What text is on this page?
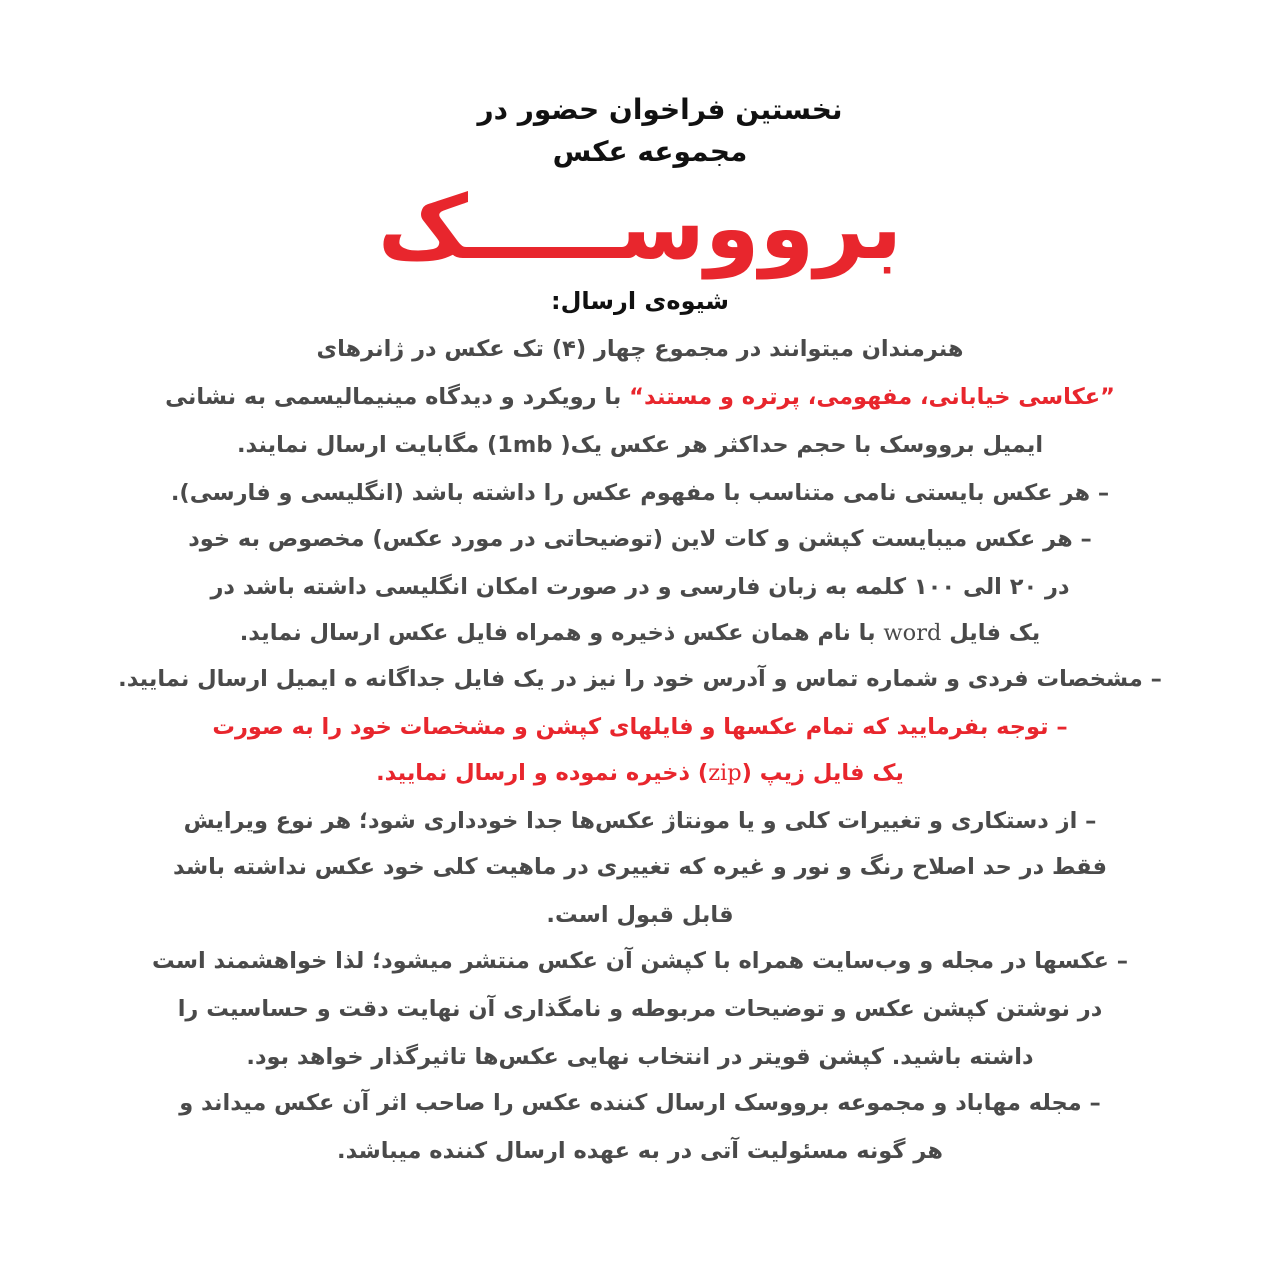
نخستین فراخوان حضور در

مجموعه عکس

برووســـــک

شیوه‌ی ارسال:

هنرمندان میتوانند در مجموع چهار (۴) تک عکس در ژانرهای

”عکاسی خیابانی، مفهومی، پرتره و مستند“ با رویکرد و دیدگاه مینیمالیسمی به نشانی

ایمیل برووسک با حجم حداکثر هر عکس یک( 1mb) مگابایت ارسال نمایند.

– هر عکس بایستی نامی متناسب با مفهوم عکس را داشته باشد (انگلیسی و فارسی).

– هر عکس میبایست کپشن و کات لاین (توضیحاتی در مورد عکس) مخصوص به خود

در ۲۰ الی ۱۰۰ کلمه به زبان فارسی و در صورت امکان انگلیسی داشته باشد در

یک فایل word با نام همان عکس ذخیره و همراه فایل عکس ارسال نماید.

– مشخصات فردی و شماره تماس و آدرس خود را نیز در یک فایل جداگانه ه ایمیل ارسال نمایید.

– توجه بفرمایید که تمام عکسها و فایلهای کپشن و مشخصات خود را به صورت

یک فایل زیپ (zip) ذخیره نموده و ارسال نمایید.

– از دستکاری و تغییرات کلی و یا مونتاژ عکس‌ها جدا خودداری شود؛ هر نوع ویرایش

فقط در حد اصلاح رنگ و نور و غیره که تغییری در ماهیت کلی خود عکس نداشته باشد

قابل قبول است.

– عکسها در مجله و وب‌سایت همراه با کپشن آن عکس منتشر میشود؛ لذا خواهشمند است

در نوشتن کپشن عکس و توضیحات مربوطه و نامگذاری آن نهایت دقت و حساسیت را

داشته باشید. کپشن قویتر در انتخاب نهایی عکس‌ها تاثیرگذار خواهد بود.

– مجله مهاباد و مجموعه برووسک ارسال کننده عکس را صاحب اثر آن عکس میداند و

هر گونه مسئولیت آتی در به عهده ارسال کننده میباشد.
